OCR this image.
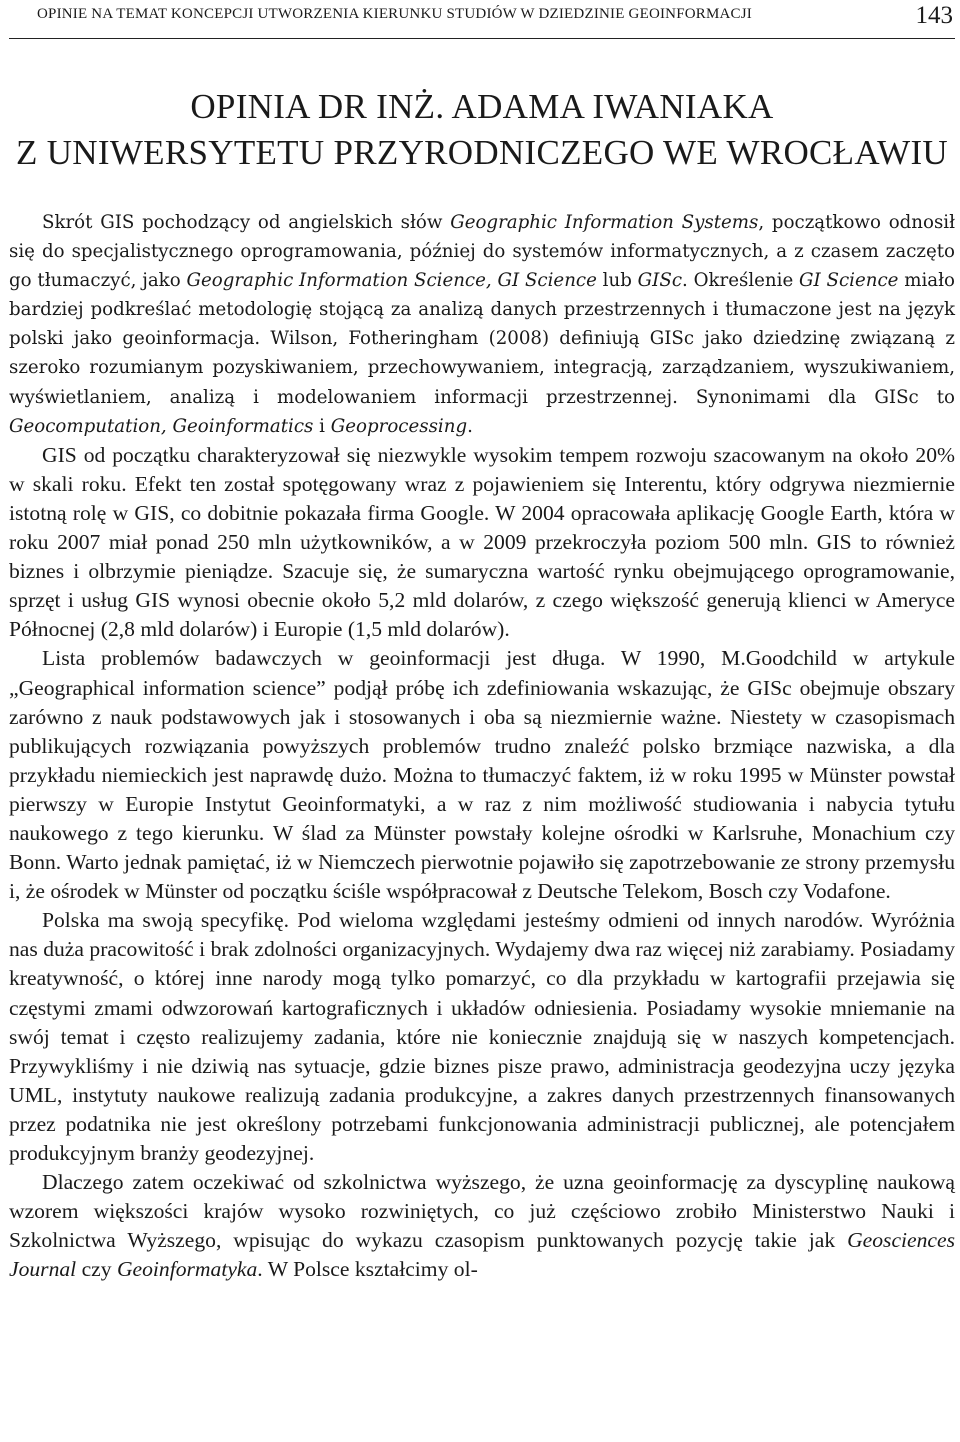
OPINIE NA TEMAT KONCEPCJI UTWORZENIA KIERUNKU STUDIÓW W DZIEDZINIE GEOINFORMACJI	143
OPINIA DR INŻ. ADAMA IWANIAKA
Z UNIWERSYTETU PRZYRODNICZEGO WE WROCŁAWIU

Skrót GIS pochodzący od angielskich słów Geographic Information Systems, początkowo odnosił się do specjalistycznego oprogramowania, później do systemów informatycznych, a z czasem zaczęto go tłumaczyć, jako Geographic Information Science, GI Science lub GISc. Określenie GI Science miało bardziej podkreślać metodologię stojącą za analizą danych przestrzennych i tłumaczone jest na język polski jako geoinformacja. Wilson, Fotheringham (2008) definiują GISc jako dziedzinę związaną z szeroko rozumianym pozyskiwaniem, przechowywaniem, integracją, zarządzaniem, wyszukiwaniem, wyświetlaniem, analizą i modelowaniem informacji przestrzennej. Synonimami dla GISc to Geocomputation, Geoinformatics i Geoprocessing.

GIS od początku charakteryzował się niezwykle wysokim tempem rozwoju szacowanym na około 20% w skali roku. Efekt ten został spotęgowany wraz z pojawieniem się Interentu, który odgrywa niezmiernie istotną rolę w GIS, co dobitnie pokazała firma Google. W 2004 opracowała aplikację Google Earth, która w roku 2007 miał ponad 250 mln użytkowników, a w 2009 przekroczyła poziom 500 mln. GIS to również biznes i olbrzymie pieniądze. Szacuje się, że sumaryczna wartość rynku obejmującego oprogramowanie, sprzęt i usług GIS wynosi obecnie około 5,2 mld dolarów, z czego większość generują klienci w Ameryce Północnej (2,8 mld dolarów) i Europie (1,5 mld dolarów).

Lista problemów badawczych w geoinformacji jest długa. W 1990, M.Goodchild w artykule „Geographical information science” podjął próbę ich zdefiniowania wskazując, że GISc obejmuje obszary zarówno z nauk podstawowych jak i stosowanych i oba są niezmiernie ważne. Niestety w czasopismach publikujących rozwiązania powyższych problemów trudno znaleźć polsko brzmiące nazwiska, a dla przykładu niemieckich jest naprawdę dużo. Można to tłumaczyć faktem, iż w roku 1995 w Münster powstał pierwszy w Europie Instytut Geoinformatyki, a w raz z nim możliwość studiowania i nabycia tytułu naukowego z tego kierunku. W ślad za Münster powstały kolejne ośrodki w Karlsruhe, Monachium czy Bonn. Warto jednak pamiętać, iż w Niemczech pierwotnie pojawiło się zapotrzebowanie ze strony przemysłu i, że ośrodek w Münster od początku ściśle współpracował z Deutsche Telekom, Bosch czy Vodafone.

Polska ma swoją specyfikę. Pod wieloma względami jesteśmy odmieni od innych narodów. Wyróżnia nas duża pracowitość i brak zdolności organizacyjnych. Wydajemy dwa raz więcej niż zarabiamy. Posiadamy kreatywność, o której inne narody mogą tylko pomarzyć, co dla przykładu w kartografii przejawia się częstymi zmami odwzorowań kartograficznych i układów odniesienia. Posiadamy wysokie mniemanie na swój temat i często realizujemy zadania, które nie koniecznie znajdują się w naszych kompetencjach. Przywykliśmy i nie dziwią nas sytuacje, gdzie biznes pisze prawo, administracja geodezyjna uczy języka UML, instytuty naukowe realizują zadania produkcyjne, a zakres danych przestrzennych finansowanych przez podatnika nie jest określony potrzebami funkcjonowania administracji publicznej, ale potencjałem produkcyjnym branży geodezyjnej.

Dlaczego zatem oczekiwać od szkolnictwa wyższego, że uzna geoinformację za dyscyplinę naukową wzorem większości krajów wysoko rozwiniętych, co już częściowo zrobiło Ministerstwo Nauki i Szkolnictwa Wyższego, wpisując do wykazu czasopism punktowanych pozycję takie jak Geosciences Journal czy Geoinformatyka. W Polsce kształcimy ol-
